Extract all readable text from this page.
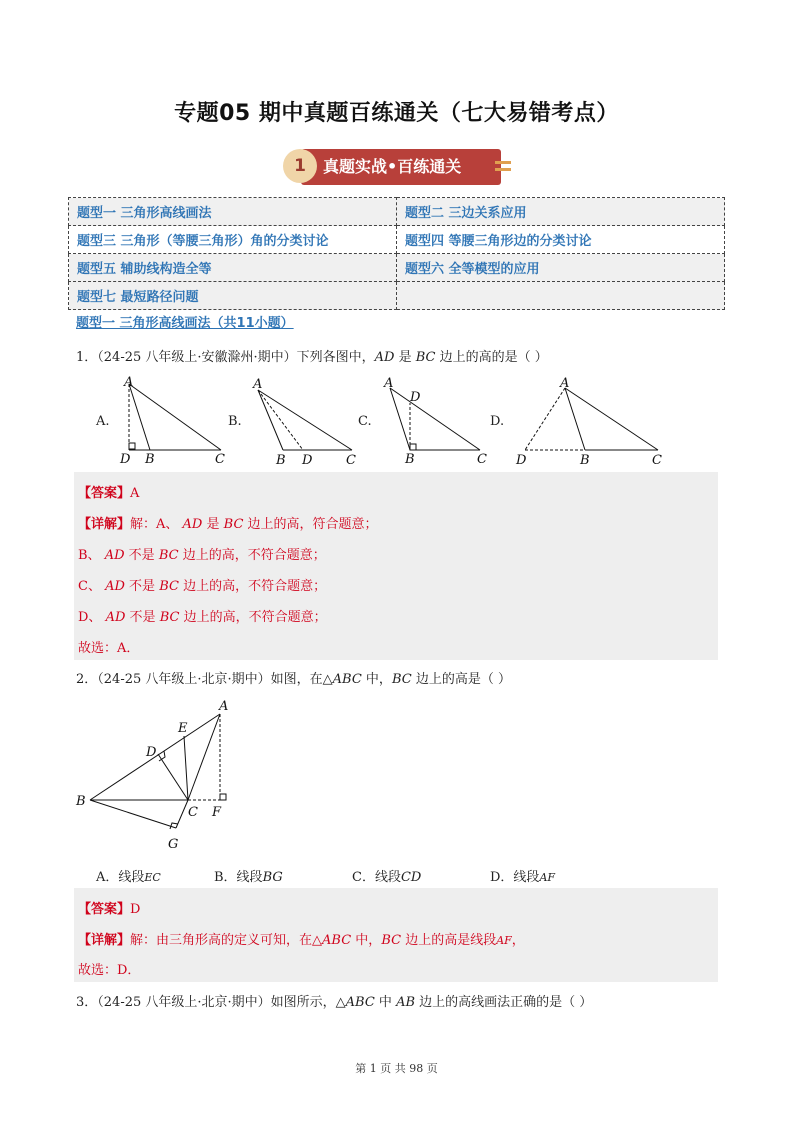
专题05 期中真题百练通关（七大易错考点）
1	真题实战•百练通关
题型一 三角形高线画法	题型二 三边关系应用
题型三 三角形（等腰三角形）角的分类讨论	题型四 等腰三角形边的分类讨论
题型五 辅助线构造全等	题型六 全等模型的应用
题型七 最短路径问题	
题型一 三角形高线画法（共11小题）
1．（24-25 八年级上·安徽滁州·期中）下列各图中，AD 是 BC 边上的高的是（ ）
A.	B.	C.	D.
A
D B	C
A
B D	C
A
D
B	C
A
D	B	C
【答案】A
【详解】解：A、 AD 是 BC 边上的高，符合题意；
B、 AD 不是 BC 边上的高，不符合题意；
C、 AD 不是 BC 边上的高，不符合题意；
D、 AD 不是 BC 边上的高，不符合题意；
故选：A．
2．（24-25 八年级上·北京·期中）如图，在△ABC 中，BC 边上的高是（ ）
A
E
D
B
C F
G
A．线段EC	B．线段BG	C．线段CD	D．线段AF
【答案】D
【详解】解：由三角形高的定义可知，在△ABC 中，BC 边上的高是线段AF，
故选：D．
3．（24-25 八年级上·北京·期中）如图所示，△ABC 中 AB 边上的高线画法正确的是（ ）
第 1 页 共 98 页
